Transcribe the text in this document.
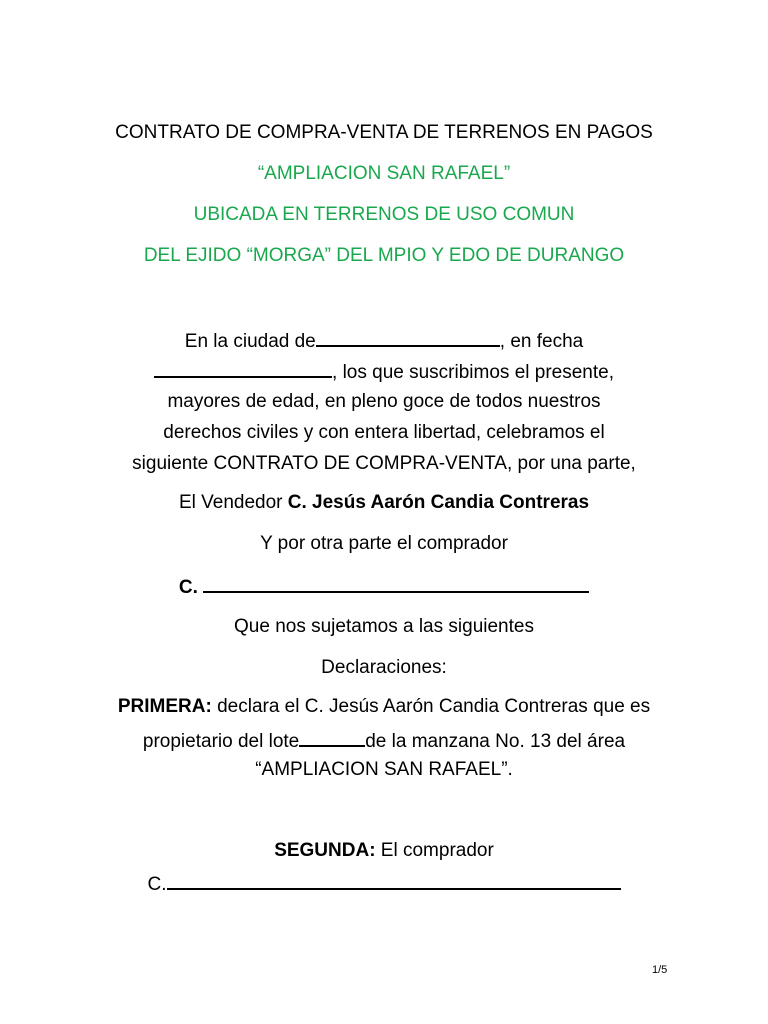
CONTRATO DE COMPRA-VENTA DE TERRENOS EN PAGOS
“AMPLIACION SAN RAFAEL”
UBICADA EN TERRENOS DE USO COMUN
DEL EJIDO “MORGA” DEL MPIO Y EDO DE DURANGO
En la ciudad de	, en fecha
, los que suscribimos el presente,
mayores de edad, en pleno goce de todos nuestros
derechos civiles y con entera libertad, celebramos el
siguiente CONTRATO DE COMPRA-VENTA, por una parte,
El Vendedor C. Jesús Aarón Candia Contreras
Y por otra parte el comprador
C.
Que nos sujetamos a las siguientes
Declaraciones:
PRIMERA: declara el C. Jesús Aarón Candia Contreras que es
propietario del lote	de la manzana No. 13 del área
“AMPLIACION SAN RAFAEL”.
SEGUNDA: El comprador
C.
1/5
